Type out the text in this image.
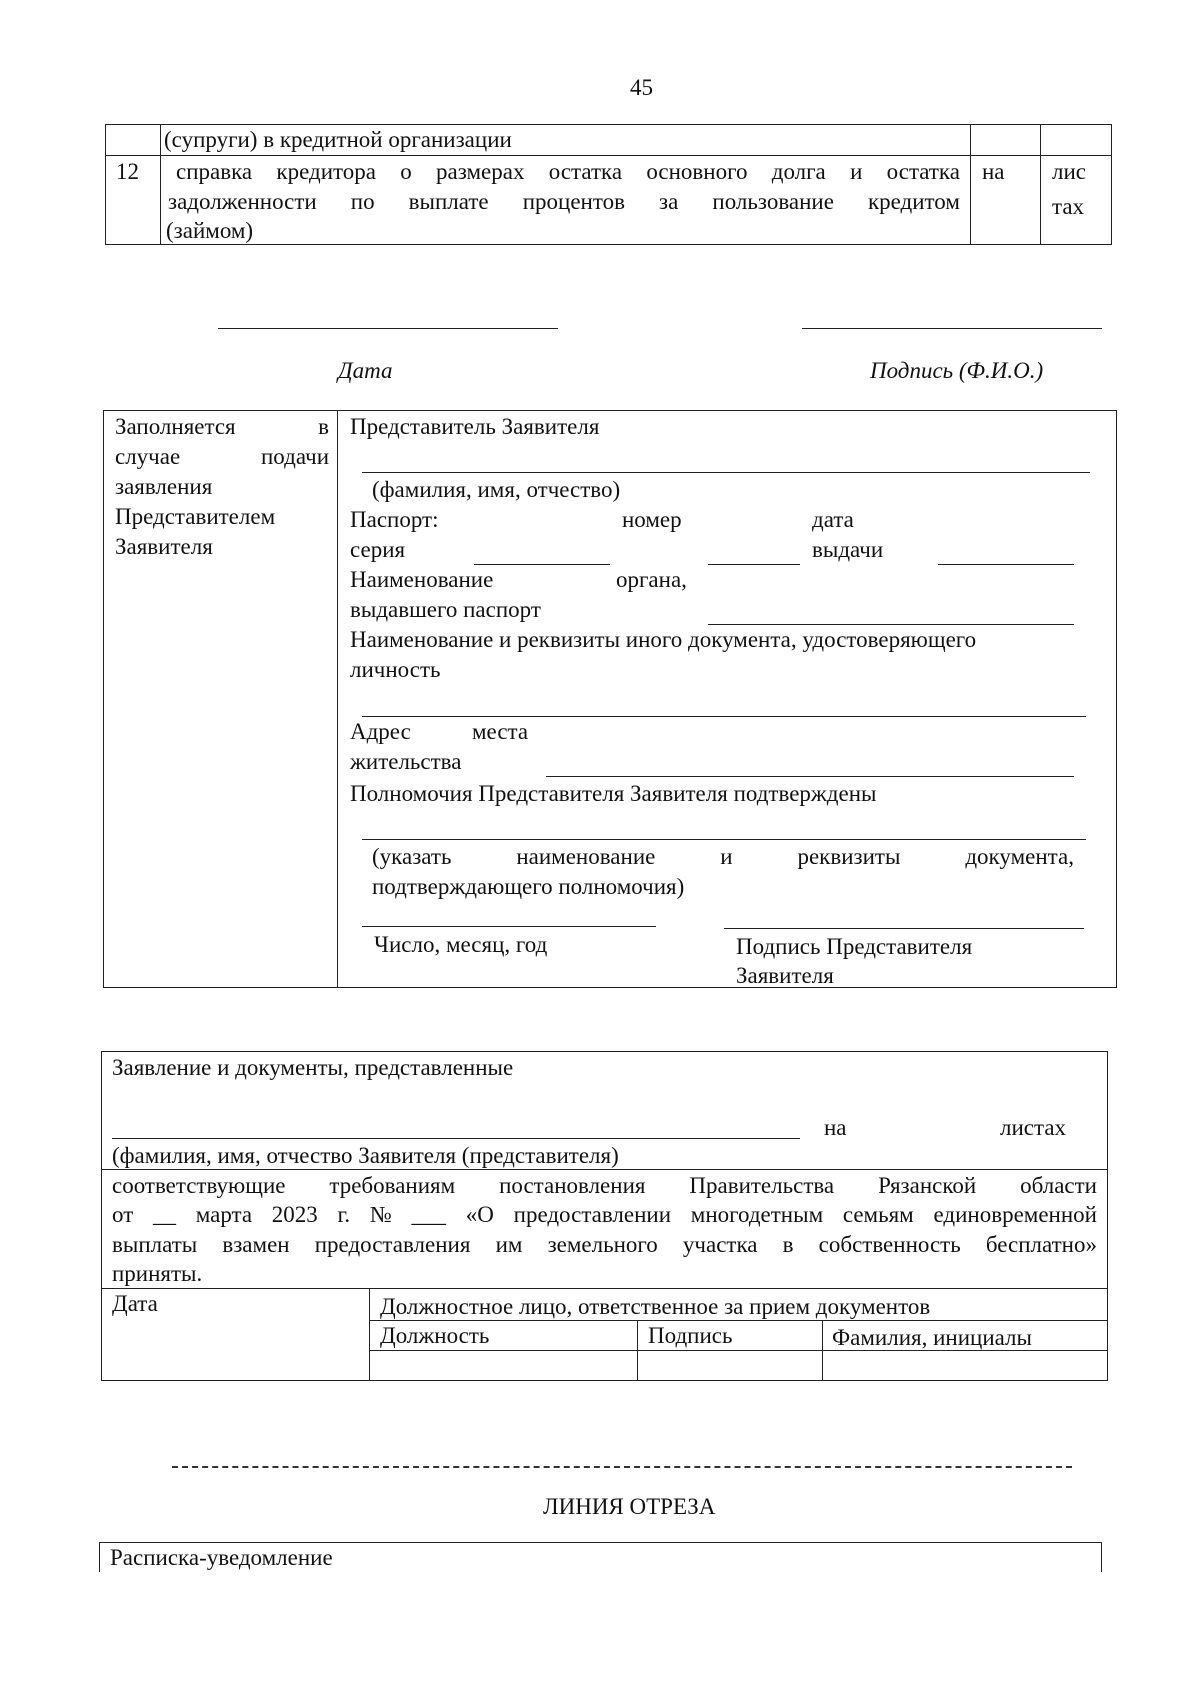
45
(супруги) в кредитной организации
12 справка кредитора о размерах остатка основного долга и остатка
задолженности по выплате процентов за пользование кредитом
(займом)
на лис
тах
Дата	Подпись (Ф.И.О.)
Заполняется	в
случае	подачи
заявления
Представителем
Заявителя
Представитель Заявителя
(фамилия, имя, отчество)
Паспорт:	номер	дата
серия	выдачи
Наименование	органа,
выдавшего паспорт
Наименование и реквизиты иного документа, удостоверяющего
личность
Адрес	места
жительства
Полномочия Представителя Заявителя подтверждены
(указать	наименование	и	реквизиты	документа,
подтверждающего полномочия)
Число, месяц, год	Подпись Представителя
Заявителя
Заявление и документы, представленные
на	листах
(фамилия, имя, отчество Заявителя (представителя)
соответствующие требованиям постановления Правительства Рязанской области
от __ марта 2023 г. № ___ «О предоставлении многодетным семьям единовременной
выплаты взамен предоставления им земельного участка в собственность бесплатно»
приняты.
Дата	Должностное лицо, ответственное за прием документов
Должность	Подпись	Фамилия, инициалы
ЛИНИЯ ОТРЕЗА
Расписка-уведомление
